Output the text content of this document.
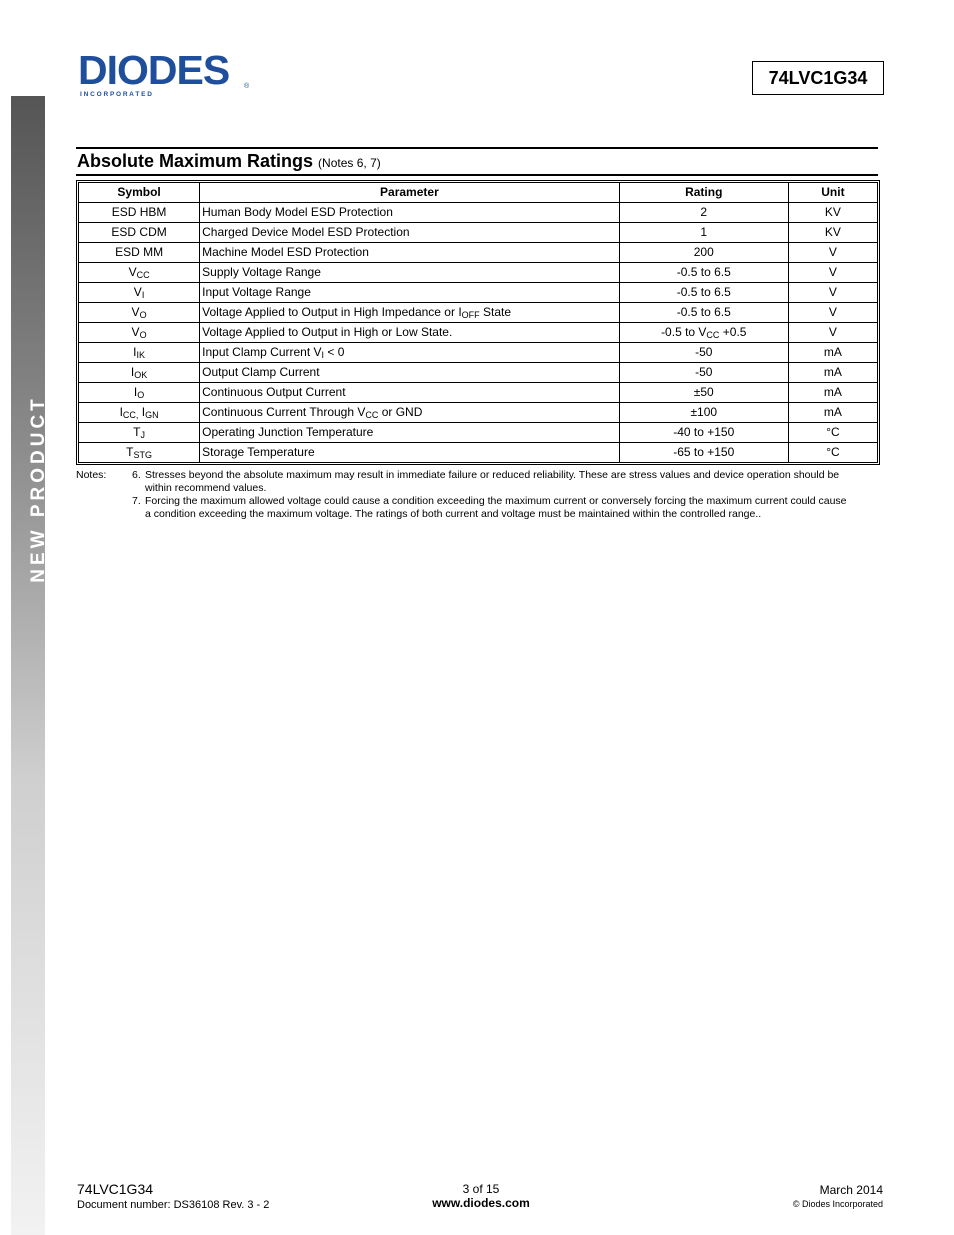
NEW PRODUCT
DIODES ®
I N C O R P O R A T E D
74LVC1G34
Absolute Maximum Ratings (Notes 6, 7)
Symbol	Parameter	Rating	Unit
ESD HBM	Human Body Model ESD Protection	2	KV
ESD CDM	Charged Device Model ESD Protection	1	KV
ESD MM	Machine Model ESD Protection	200	V
$V_{CC}$	Supply Voltage Range	-0.5 to 6.5	V
$V_I$	Input Voltage Range	-0.5 to 6.5	V
$V_O$	Voltage Applied to Output in High Impedance or $I_{OFF}$ State	-0.5 to 6.5	V
$V_O$	Voltage Applied to Output in High or Low State.	-0.5 to $V_{CC} +0.5$	V
$I_{IK}$	Input Clamp Current $V_I < 0$	-50	mA
$I_{OK}$	Output Clamp Current	-50	mA
$I_O$	Continuous Output Current	±50	mA
$I_{CC,}$ $I_{GN}$	Continuous Current Through $V_{CC}$ or GND	±100	mA
$T_J$	Operating Junction Temperature	-40 to +150	°C
$T_{STG}$	Storage Temperature	-65 to +150	°C
Notes: 6. Stresses beyond the absolute maximum may result in immediate failure or reduced reliability. These are stress values and device operation should be within recommend values.
7. Forcing the maximum allowed voltage could cause a condition exceeding the maximum current or conversely forcing the maximum current could cause a condition exceeding the maximum voltage. The ratings of both current and voltage must be maintained within the controlled range..
74LVC1G34
Document number: DS36108 Rev. 3 - 2
3 of 15
www.diodes.com
March 2014
© Diodes Incorporated
